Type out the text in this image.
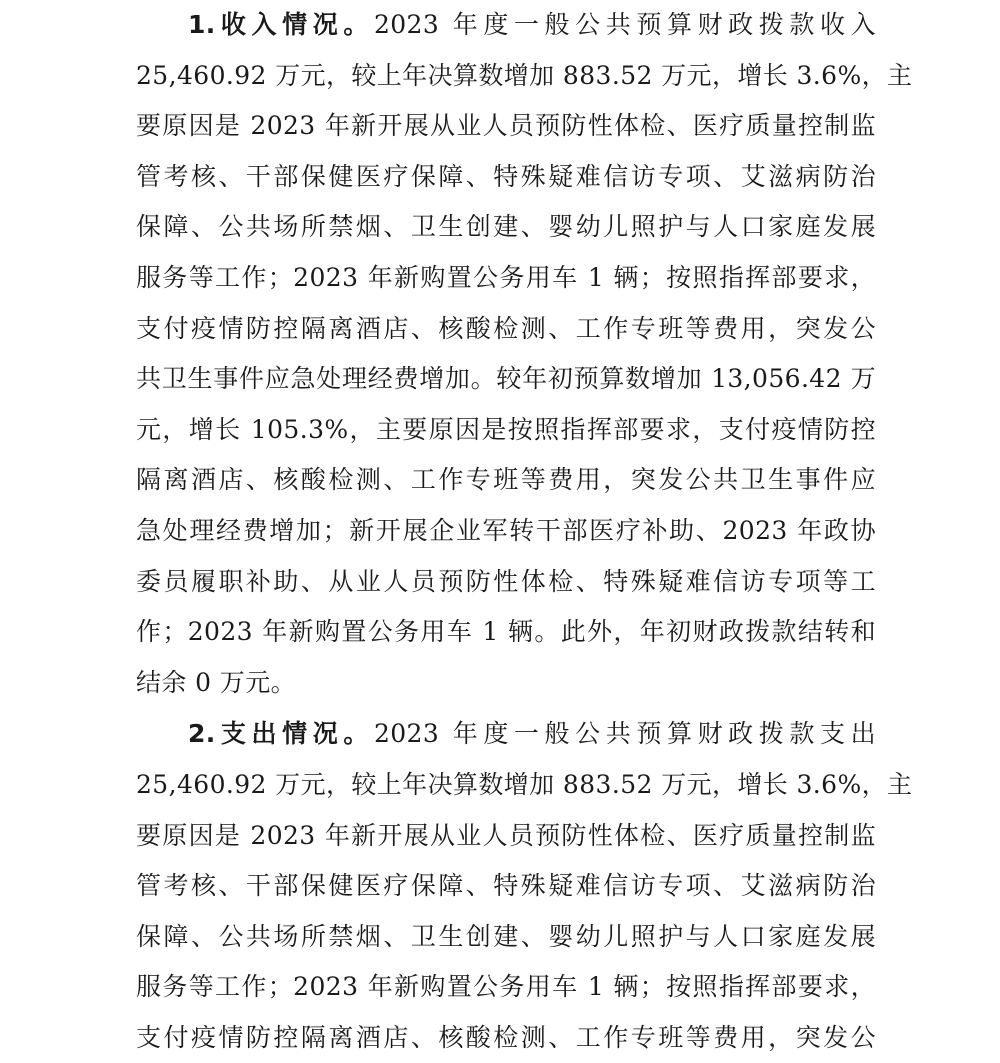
1.收入情况。2023 年度一般公共预算财政拨款收入
25,460.92 万元，较上年决算数增加 883.52 万元，增长 3.6%，主
要原因是 2023 年新开展从业人员预防性体检、医疗质量控制监
管考核、干部保健医疗保障、特殊疑难信访专项、艾滋病防治
保障、公共场所禁烟、卫生创建、婴幼儿照护与人口家庭发展
服务等工作；2023 年新购置公务用车 1 辆；按照指挥部要求，
支付疫情防控隔离酒店、核酸检测、工作专班等费用，突发公
共卫生事件应急处理经费增加。较年初预算数增加 13,056.42 万
元，增长 105.3%，主要原因是按照指挥部要求，支付疫情防控
隔离酒店、核酸检测、工作专班等费用，突发公共卫生事件应
急处理经费增加；新开展企业军转干部医疗补助、2023 年政协
委员履职补助、从业人员预防性体检、特殊疑难信访专项等工
作；2023 年新购置公务用车 1 辆。此外，年初财政拨款结转和
结余 0 万元。
2.支出情况。2023 年度一般公共预算财政拨款支出
25,460.92 万元，较上年决算数增加 883.52 万元，增长 3.6%，主
要原因是 2023 年新开展从业人员预防性体检、医疗质量控制监
管考核、干部保健医疗保障、特殊疑难信访专项、艾滋病防治
保障、公共场所禁烟、卫生创建、婴幼儿照护与人口家庭发展
服务等工作；2023 年新购置公务用车 1 辆；按照指挥部要求，
支付疫情防控隔离酒店、核酸检测、工作专班等费用，突发公
